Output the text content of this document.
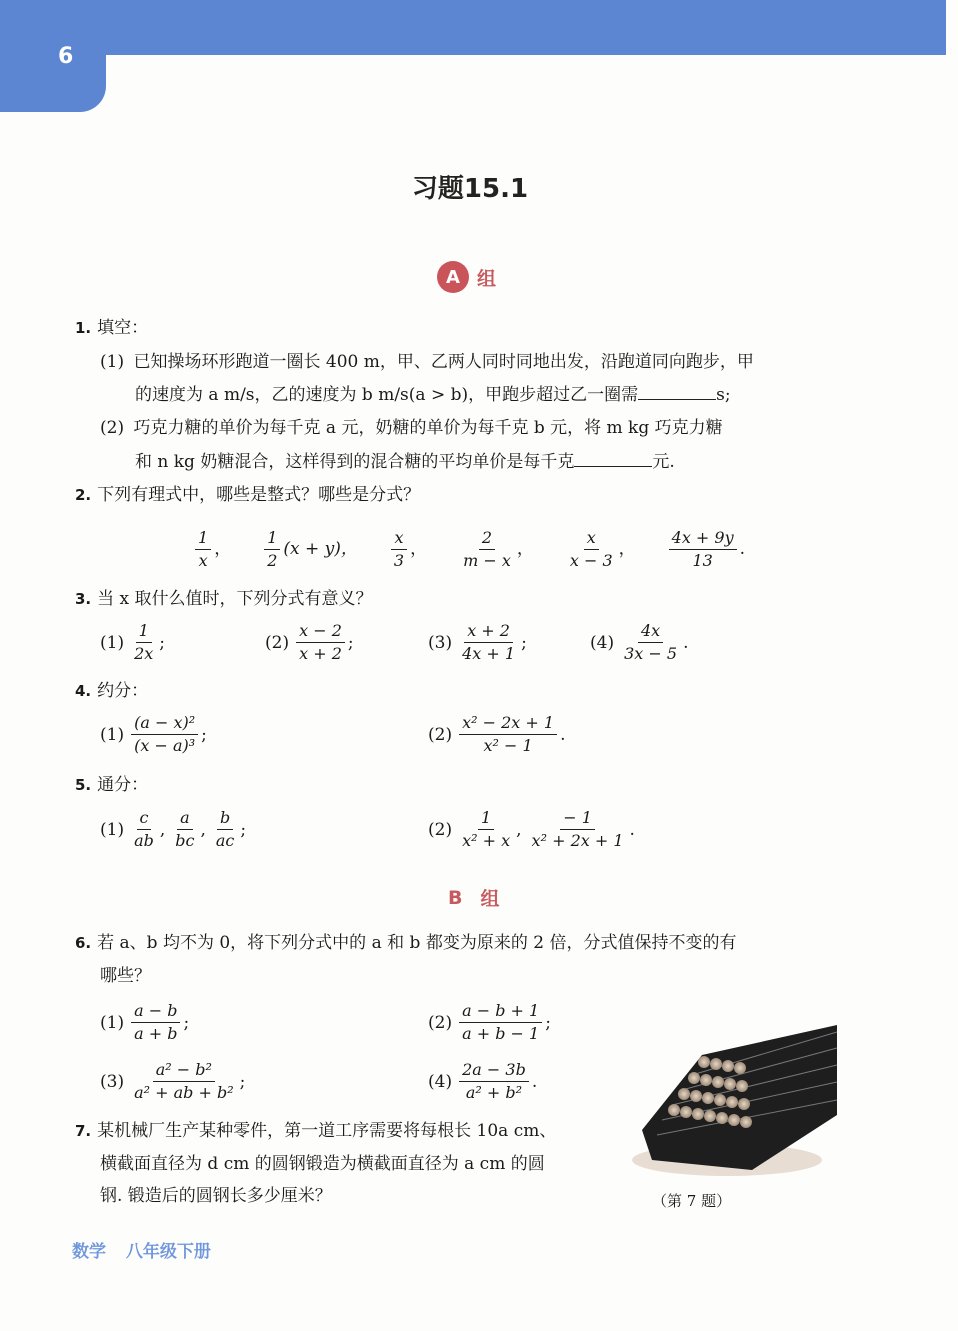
6
习题15.1
A 组
1. 填空：
(1) 已知操场环形跑道一圈长 400 m，甲、乙两人同时同地出发，沿跑道同向跑步，甲
的速度为 a m/s，乙的速度为 b m/s(a > b)，甲跑步超过乙一圈需	s;
(2) 巧克力糖的单价为每千克 a 元，奶糖的单价为每千克 b 元，将 m kg 巧克力糖
和 n kg 奶糖混合，这样得到的混合糖的平均单价是每千克	元.
2. 下列有理式中，哪些是整式？哪些是分式？
$\frac{1}{x}$ ， $\frac{1}{2} (x + y)$， $\frac{x}{3}$ ， $\frac{2}{m - x}$ ， $\frac{x}{x - 3}$ ， $\frac{4x + 9y}{13}$ .
3. 当 x 取什么值时，下列分式有意义？
$(1) \frac{1}{2x}$ ;	$(2) \frac{x - 2}{x + 2}$ ;	$(3) \frac{x + 2}{4x + 1}$ ;	$(4) \frac{4x}{3x - 5}$ .
4. 约分：
$(1) \frac{\text{(a − x)²}}{\text{(x − a)³}}$ ;	$(2) \frac{\text{x² − 2x + 1}}{\text{x² − 1}}$ .
5. 通分：
$(1) \frac{c}{ab}$ , $\frac{a}{bc}$ , $\frac{b}{ac}$ ;	$(2) \frac{1}{\text{x² + x}}$ , $\frac{- 1}{\text{x² + 2x + 1}}$ .
B 组
6. 若 a、b 均不为 0，将下列分式中的 a 和 b 都变为原来的 2 倍，分式值保持不变的有
哪些？
$(1) \frac{a - b}{a + b}$ ;	$(2) \frac{a - b + 1}{a + b - 1}$ ;
$(3) \frac{\text{a² − b²}}{\text{a² + ab + b²}}$ ;	$(4) \frac{2a - 3b}{\text{a² + b²}}$ .
7. 某机械厂生产某种零件，第一道工序需要将每根长 10a cm、
横截面直径为 d cm 的圆钢锻造为横截面直径为 a cm 的圆
钢. 锻造后的圆钢长多少厘米？	（第 7 题）
数学 八年级下册
